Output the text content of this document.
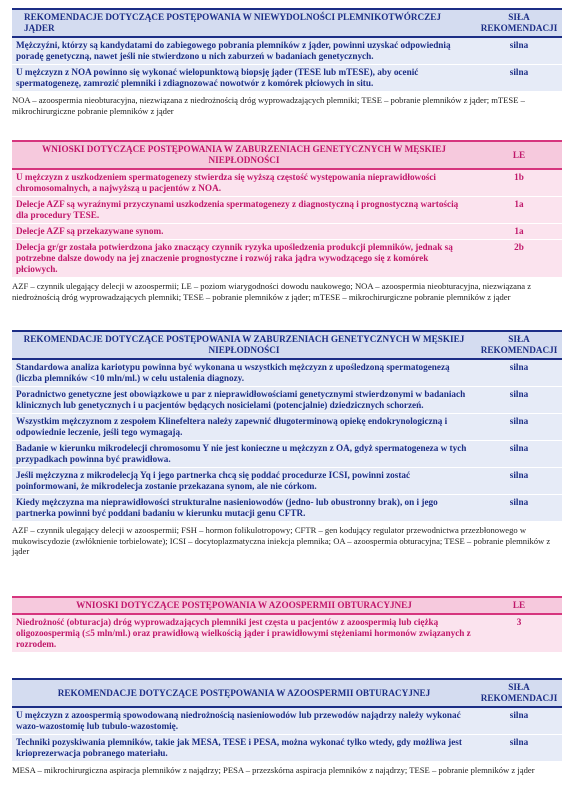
REKOMENDACJE DOTYCZĄCE POSTĘPOWANIA W NIEWYDOLNOŚCI PLEMNIKOTWÓRCZEJ JĄDER	SIŁA REKOMENDACJI
Mężczyźni, którzy są kandydatami do zabiegowego pobrania plemników z jąder, powinni uzyskać odpowiednią poradę genetyczną, nawet jeśli nie stwierdzono u nich zaburzeń w badaniach genetycznych.	silna
U mężczyzn z NOA powinno się wykonać wielopunktową biopsję jąder (TESE lub mTESE), aby ocenić spermatogenezę, zamrozić plemniki i zdiagnozować nowotwór z komórek płciowych in situ.	silna
NOA – azoospermia nieobturacyjna, niezwiązana z niedrożnością dróg wyprowadzających plemniki; TESE – pobranie plemników z jąder; mTESE – mikrochirurgiczne pobranie plemników z jąder
WNIOSKI DOTYCZĄCE POSTĘPOWANIA W ZABURZENIACH GENETYCZNYCH W MĘSKIEJ NIEPŁODNOŚCI	LE
U mężczyzn z uszkodzeniem spermatogenezy stwierdza się wyższą częstość występowania nieprawidłowości chromosomalnych, a najwyższą u pacjentów z NOA.	1b
Delecje AZF są wyraźnymi przyczynami uszkodzenia spermatogenezy z diagnostyczną i prognostyczną wartością dla procedury TESE.	1a
Delecje AZF są przekazywane synom.	1a
Delecja gr/gr została potwierdzona jako znaczący czynnik ryzyka upośledzenia produkcji plemników, jednak są potrzebne dalsze dowody na jej znaczenie prognostyczne i rozwój raka jądra wywodzącego się z komórek płciowych.	2b
AZF – czynnik ulegający delecji w azoospermii; LE – poziom wiarygodności dowodu naukowego; NOA – azoospermia nieobturacyjna, niezwiązana z niedrożnością dróg wyprowadzających plemniki; TESE – pobranie plemników z jąder; mTESE – mikrochirurgiczne pobranie plemników z jąder
REKOMENDACJE DOTYCZĄCE POSTĘPOWANIA W ZABURZENIACH GENETYCZNYCH W MĘSKIEJ NIEPŁODNOŚCI	SIŁA REKOMENDACJI
Standardowa analiza kariotypu powinna być wykonana u wszystkich mężczyzn z upośledzoną spermatogenezą (liczba plemników <10 mln/ml.) w celu ustalenia diagnozy.	silna
Poradnictwo genetyczne jest obowiązkowe u par z nieprawidłowościami genetycznymi stwierdzonymi w badaniach klinicznych lub genetycznych i u pacjentów będących nosicielami (potencjalnie) dziedzicznych schorzeń.	silna
Wszystkim mężczyznom z zespołem Klinefeltera należy zapewnić długoterminową opiekę endokrynologiczną i odpowiednie leczenie, jeśli tego wymagają.	silna
Badanie w kierunku mikrodelecji chromosomu Y nie jest konieczne u mężczyzn z OA, gdyż spermatogeneza w tych przypadkach powinna być prawidłowa.	silna
Jeśli mężczyzna z mikrodelecją Yq i jego partnerka chcą się poddać procedurze ICSI, powinni zostać poinformowani, że mikrodelecja zostanie przekazana synom, ale nie córkom.	silna
Kiedy mężczyzna ma nieprawidłowości strukturalne nasieniowodów (jedno- lub obustronny brak), on i jego partnerka powinni być poddani badaniu w kierunku mutacji genu CFTR.	silna
AZF – czynnik ulegający delecji w azoospermii; FSH – hormon folikulotropowy; CFTR – gen kodujący regulator przewodnictwa przezbłonowego w mukowiscydozie (zwłóknienie torbielowate); ICSI – docytoplazmatyczna iniekcja plemnika; OA – azoospermia obturacyjna; TESE – pobranie plemników z jąder
WNIOSKI DOTYCZĄCE POSTĘPOWANIA W AZOOSPERMII OBTURACYJNEJ	LE
Niedrożność (obturacja) dróg wyprowadzających plemniki jest częsta u pacjentów z azoospermią lub ciężką oligozoospermią (≤5 mln/ml.) oraz prawidłową wielkością jąder i prawidłowymi stężeniami hormonów związanych z rozrodem.	3
REKOMENDACJE DOTYCZĄCE POSTĘPOWANIA W AZOOSPERMII OBTURACYJNEJ	SIŁA REKOMENDACJI
U mężczyzn z azoospermią spowodowaną niedrożnością nasieniowodów lub przewodów najądrzy należy wykonać wazo-wazostomię lub tubulo-wazostomię.	silna
Techniki pozyskiwania plemników, takie jak MESA, TESE i PESA, można wykonać tylko wtedy, gdy możliwa jest krioprezerwacja pobranego materiału.	silna
MESA – mikrochirurgiczna aspiracja plemników z najądrzy; PESA – przezskórna aspiracja plemników z najądrzy; TESE – pobranie plemników z jąder
